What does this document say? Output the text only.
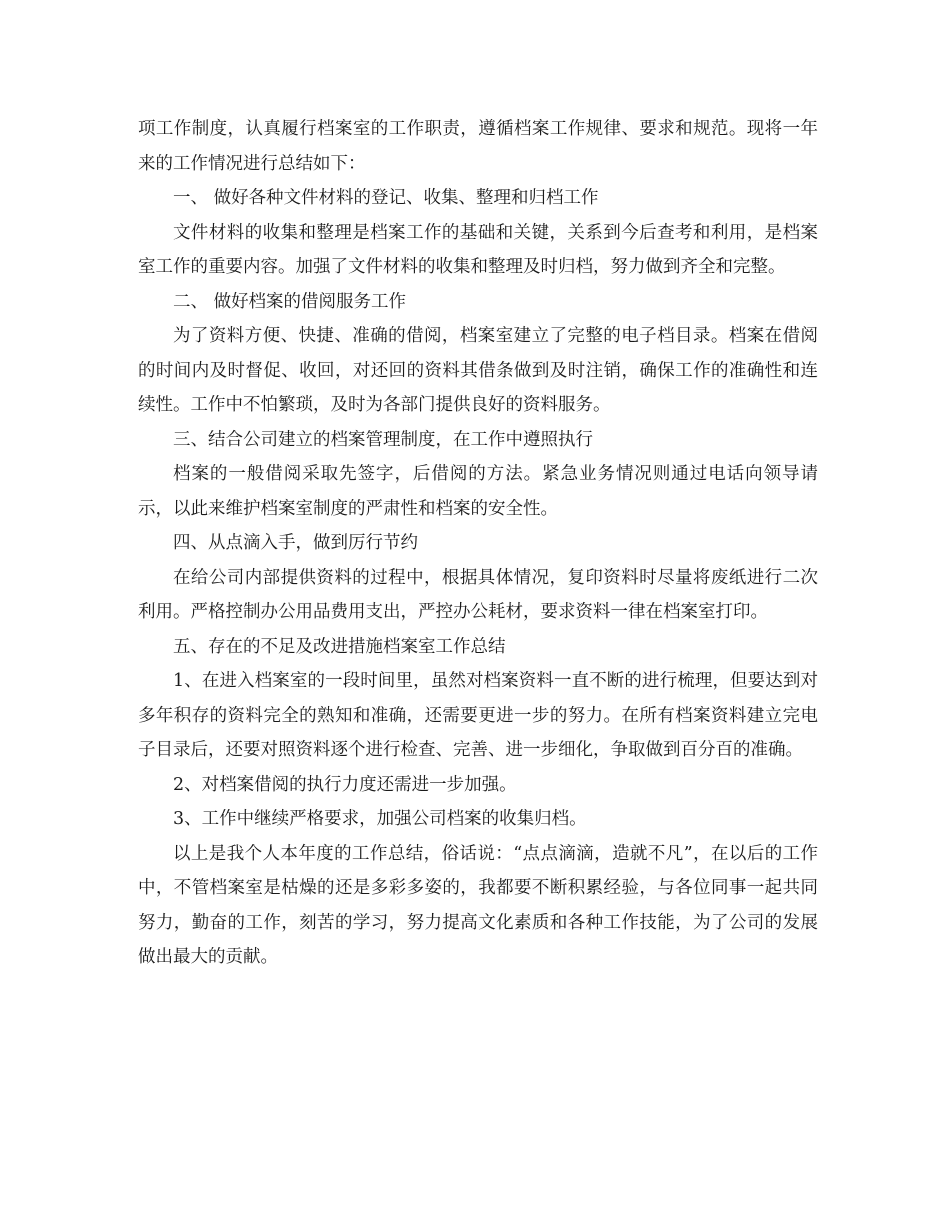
项工作制度，认真履行档案室的工作职责，遵循档案工作规律、要求和规范。现将一年来的工作情况进行总结如下：

一、 做好各种文件材料的登记、收集、整理和归档工作

文件材料的收集和整理是档案工作的基础和关键，关系到今后查考和利用，是档案室工作的重要内容。加强了文件材料的收集和整理及时归档，努力做到齐全和完整。

二、 做好档案的借阅服务工作

为了资料方便、快捷、准确的借阅，档案室建立了完整的电子档目录。档案在借阅的时间内及时督促、收回，对还回的资料其借条做到及时注销，确保工作的准确性和连续性。工作中不怕繁琐，及时为各部门提供良好的资料服务。

三、结合公司建立的档案管理制度，在工作中遵照执行

档案的一般借阅采取先签字，后借阅的方法。紧急业务情况则通过电话向领导请示，以此来维护档案室制度的严肃性和档案的安全性。

四、从点滴入手，做到厉行节约

在给公司内部提供资料的过程中，根据具体情况，复印资料时尽量将废纸进行二次利用。严格控制办公用品费用支出，严控办公耗材，要求资料一律在档案室打印。

五、存在的不足及改进措施档案室工作总结

1、在进入档案室的一段时间里，虽然对档案资料一直不断的进行梳理，但要达到对多年积存的资料完全的熟知和准确，还需要更进一步的努力。在所有档案资料建立完电子目录后，还要对照资料逐个进行检查、完善、进一步细化，争取做到百分百的准确。

2、对档案借阅的执行力度还需进一步加强。

3、工作中继续严格要求，加强公司档案的收集归档。

以上是我个人本年度的工作总结，俗话说：“点点滴滴，造就不凡”，在以后的工作中，不管档案室是枯燥的还是多彩多姿的，我都要不断积累经验，与各位同事一起共同努力，勤奋的工作，刻苦的学习，努力提高文化素质和各种工作技能，为了公司的发展做出最大的贡献。
